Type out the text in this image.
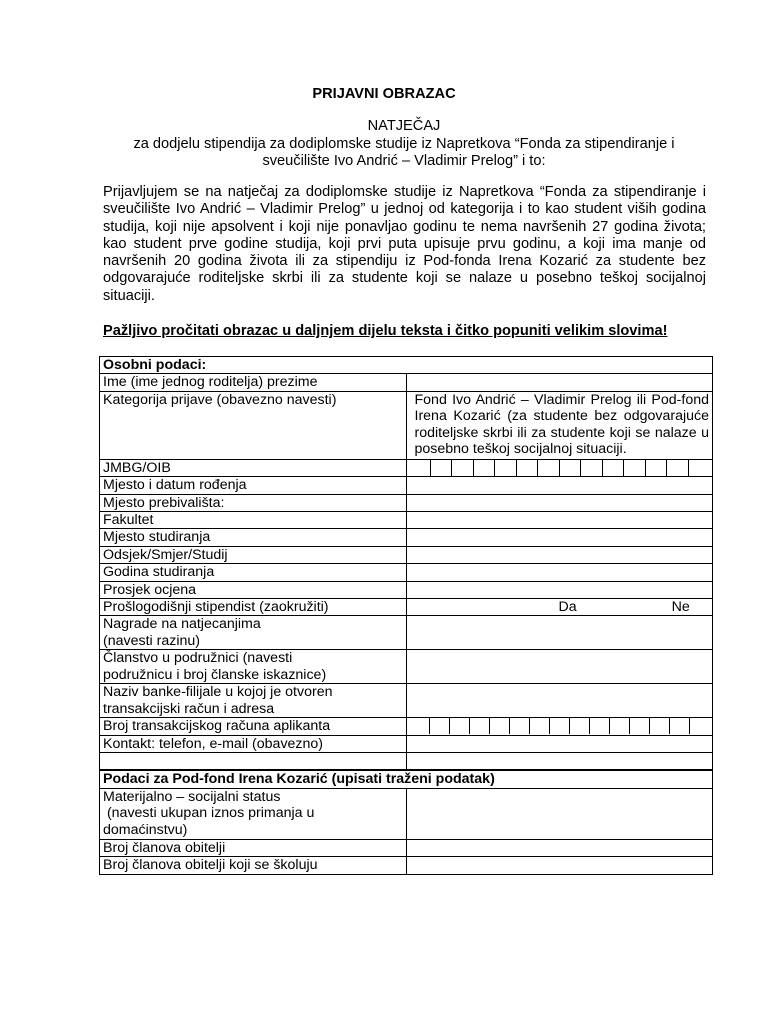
PRIJAVNI OBRAZAC
NATJEČAJ
za dodjelu stipendija za dodiplomske studije iz Napretkova “Fonda za stipendiranje i
sveučilište Ivo Andrić – Vladimir Prelog” i to:
Prijavljujem se na natječaj za dodiplomske studije iz Napretkova “Fonda za stipendiranje i sveučilište Ivo Andrić – Vladimir Prelog” u jednoj od kategorija i to kao student viših godina studija, koji nije apsolvent i koji nije ponavljao godinu te nema navršenih 27 godina života; kao student prve godine studija, koji prvi puta upisuje prvu godinu, a koji ima manje od navršenih 20 godina života ili za stipendiju iz Pod-fonda Irena Kozarić za studente bez odgovarajuće roditeljske skrbi ili za studente koji se nalaze u posebno teškoj socijalnoj situaciji.
Pažljivo pročitati obrazac u daljnjem dijelu teksta i čitko popuniti velikim slovima!
Osobni podaci:	
Ime (ime jednog roditelja) prezime	
Kategorija prijave (obavezno navesti)	Fond Ivo Andrić – Vladimir Prelog ili Pod-fond Irena Kozarić (za studente bez odgovarajuće roditeljske skrbi ili za studente koji se nalaze u posebno teškoj socijalnoj situaciji.
JMBG/OIB	

Mjesto i datum rođenja	
Mjesto prebivališta:	
Fakultet	
Mjesto studiranja	
Odsjek/Smjer/Studij	
Godina studiranja	
Prosjek ocjena	
Prošlogodišnji stipendist (zaokružiti)	Da Ne

Nagrade na natjecanjima
(navesti razinu)	

Članstvo u podružnici (navesti
podružnicu i broj članske iskaznice)	

Naziv banke-filijale u kojoj je otvoren
transakcijski račun i adresa	

Broj transakcijskog računa aplikanta	

Kontakt: telefon, e-mail (obavezno)	

Podaci za Pod-fond Irena Kozarić (upisati traženi podatak)	

Materijalno – socijalni status
(navesti ukupan iznos primanja u
domaćinstvu)	

Broj članova obitelji	
Broj članova obitelji koji se školuju	
